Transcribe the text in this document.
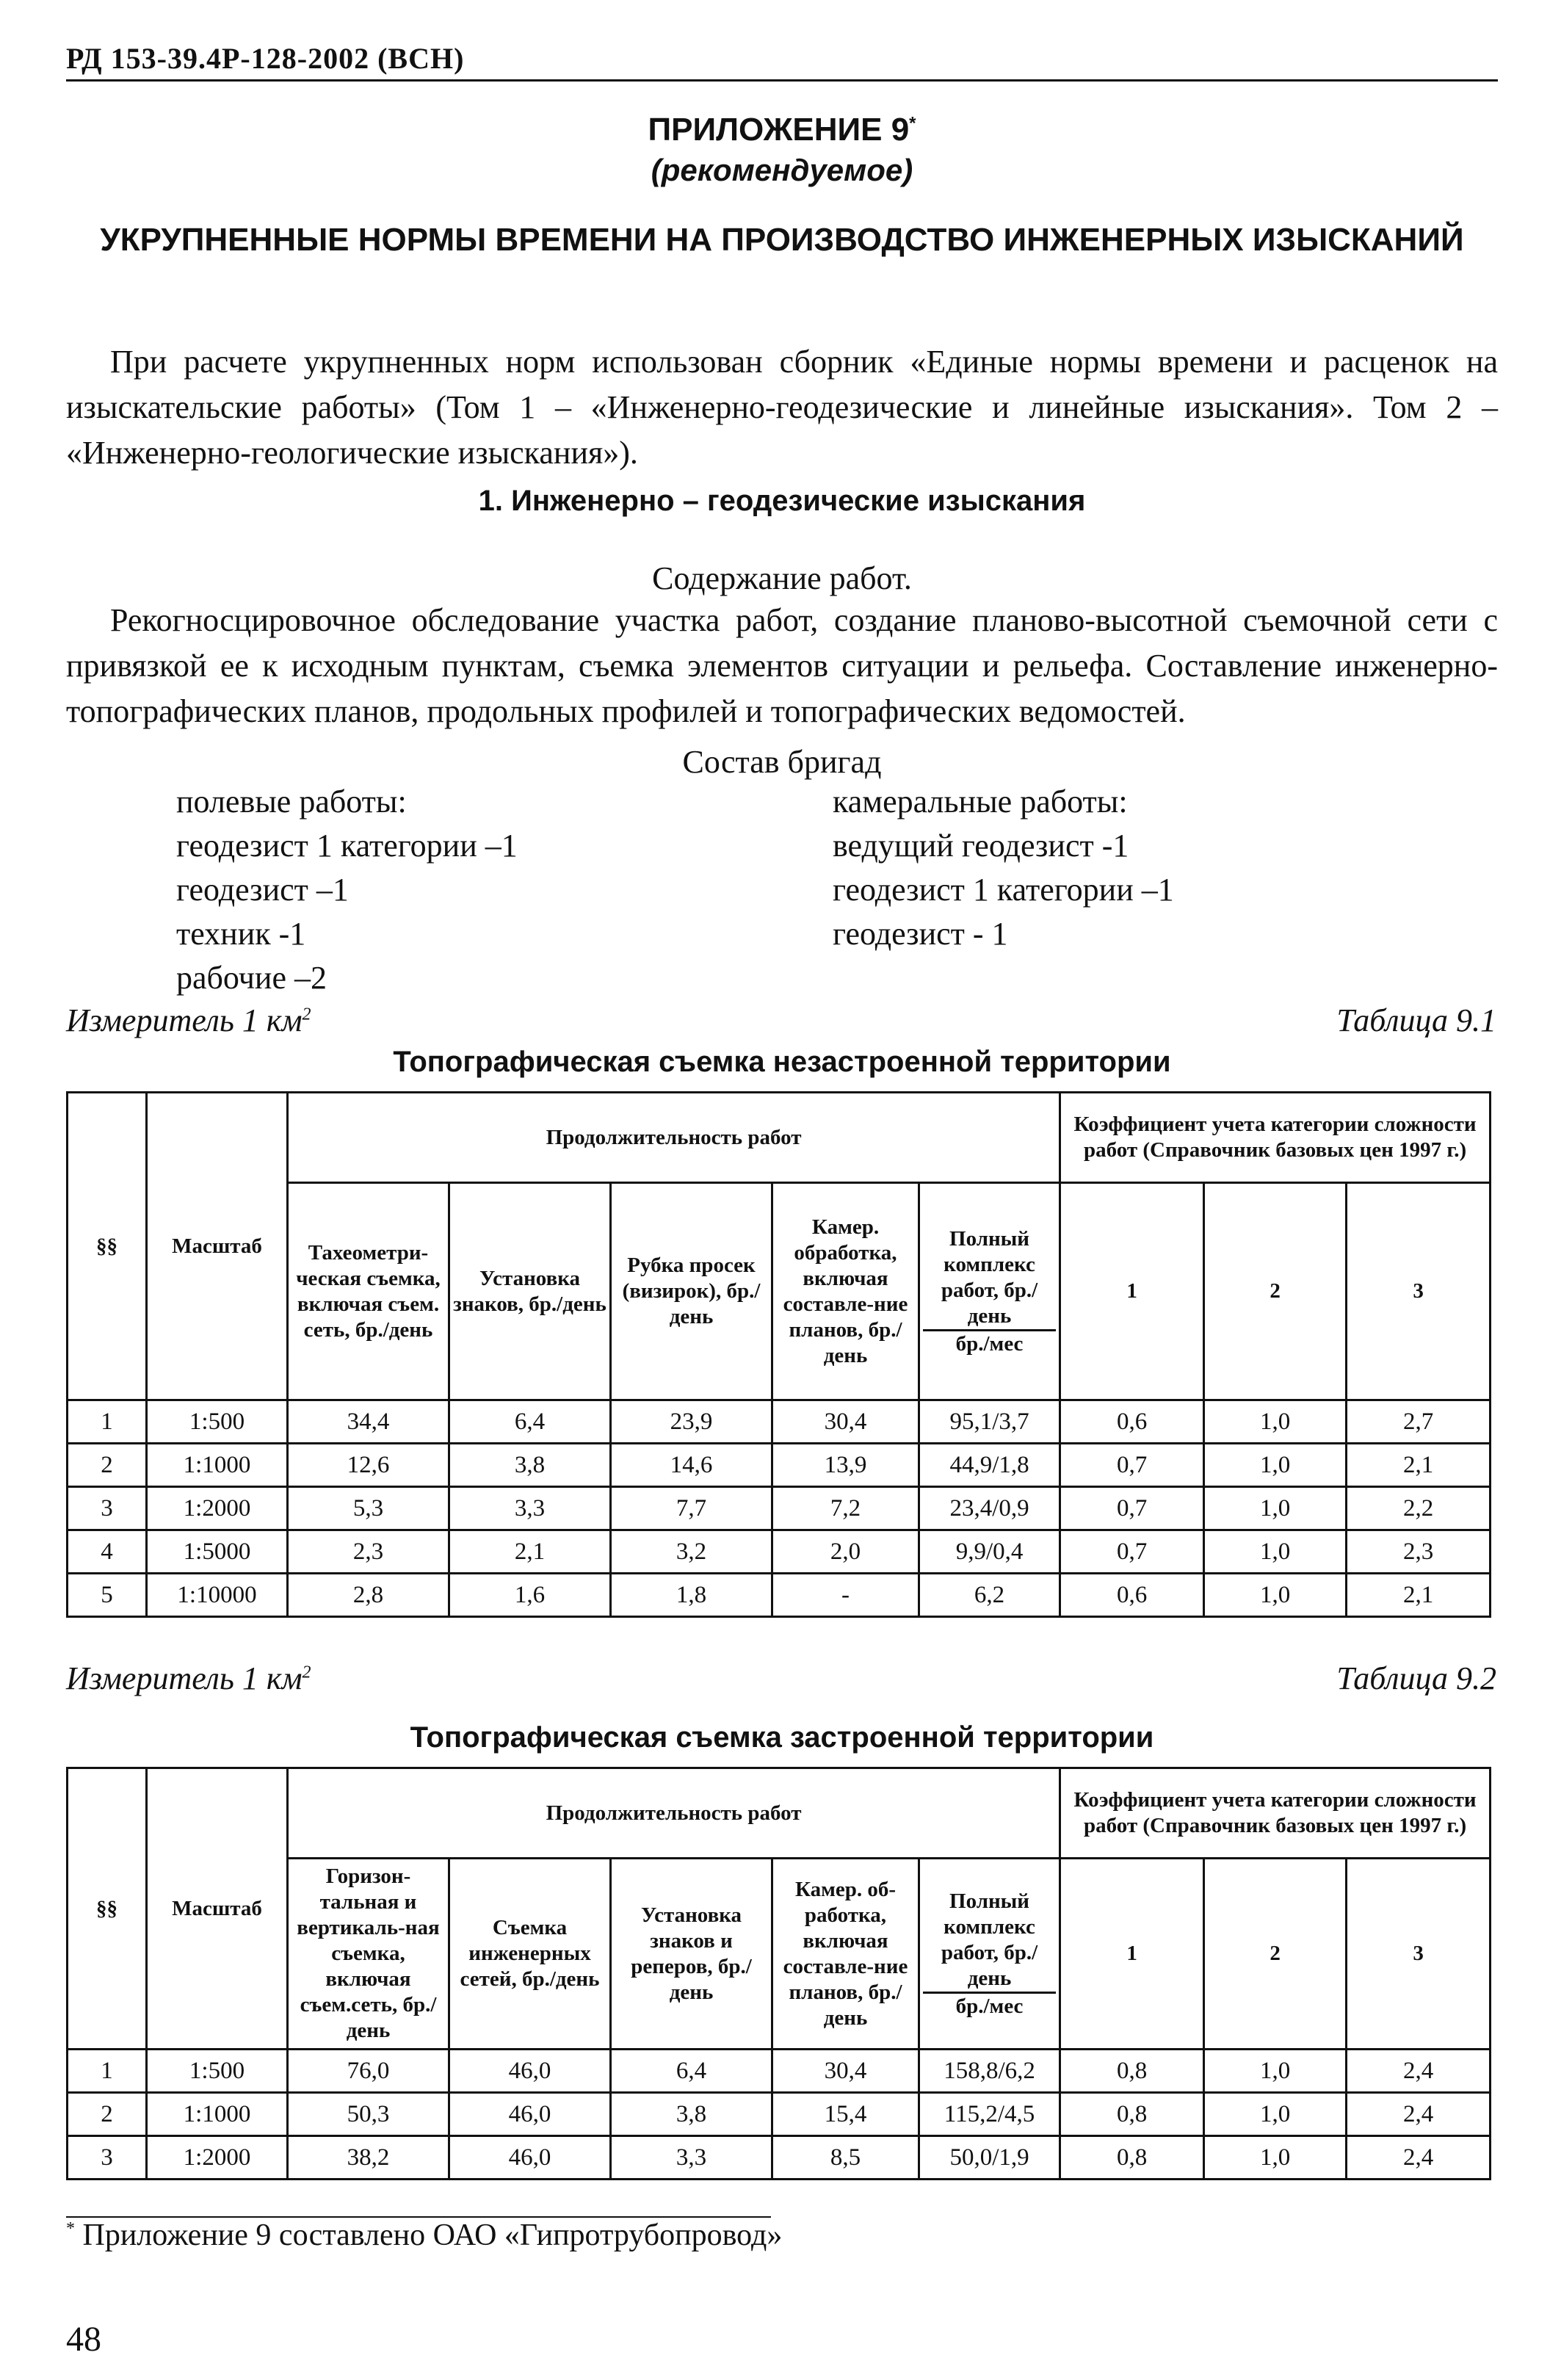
РД 153-39.4Р-128-2002 (ВСН)
ПРИЛОЖЕНИЕ 9*
(рекомендуемое)
УКРУПНЕННЫЕ НОРМЫ ВРЕМЕНИ НА ПРОИЗВОДСТВО ИНЖЕНЕРНЫХ ИЗЫСКАНИЙ
При расчете укрупненных норм использован сборник «Единые нормы времени и расценок на изыскательские работы» (Том 1 – «Инженерно-геодезические и линейные изыскания». Том 2 – «Инженерно-геологические изыскания»).
1. Инженерно – геодезические изыскания
Содержание работ.
Рекогносцировочное обследование участка работ, создание планово-высотной съемочной сети с привязкой ее к исходным пунктам, съемка элементов ситуации и рельефа. Составление инженерно-топографических планов, продольных профилей и топографических ведомостей.
Состав бригад
полевые работы:
геодезист 1 категории –1
геодезист –1
техник -1
рабочие –2
камеральные работы:
ведущий геодезист -1
геодезист 1 категории –1
геодезист - 1
Измеритель 1 $км^2$	Таблица 9.1
Топографическая съемка незастроенной территории
§§	Масштаб	Продолжительность работ					Коэффициент учета категории сложности работ (Справочник базовых цен 1997 г.)		
		Тахеометри-ческая съемка, включая съем. сеть, бр./день	Установка знаков, бр./день	Рубка просек (визирок), бр./день	Камер. обработка, включая составле-ние планов, бр./день	Полный комплекс работ, бр./день
бр./мес	1	2	3
1	1:500	34,4	6,4	23,9	30,4	95,1/3,7	0,6	1,0	2,7
2	1:1000	12,6	3,8	14,6	13,9	44,9/1,8	0,7	1,0	2,1
3	1:2000	5,3	3,3	7,7	7,2	23,4/0,9	0,7	1,0	2,2
4	1:5000	2,3	2,1	3,2	2,0	9,9/0,4	0,7	1,0	2,3
5	1:10000	2,8	1,6	1,8	-	6,2	0,6	1,0	2,1
Измеритель 1 $км^2$	Таблица 9.2
Топографическая съемка застроенной территории
§§	Масштаб	Продолжительность работ					Коэффициент учета категории сложности работ (Справочник базовых цен 1997 г.)		
		Горизон-тальная и вертикаль-ная съемка, включая съем.сеть, бр./день	Съемка инженерных сетей, бр./день	Установка знаков и реперов, бр./день	Камер. об-работка, включая составле-ние планов, бр./день	Полный комплекс работ, бр./день
бр./мес	1	2	3
1	1:500	76,0	46,0	6,4	30,4	158,8/6,2	0,8	1,0	2,4
2	1:1000	50,3	46,0	3,8	15,4	115,2/4,5	0,8	1,0	2,4
3	1:2000	38,2	46,0	3,3	8,5	50,0/1,9	0,8	1,0	2,4
* Приложение 9 составлено ОАО «Гипротрубопровод»
48
